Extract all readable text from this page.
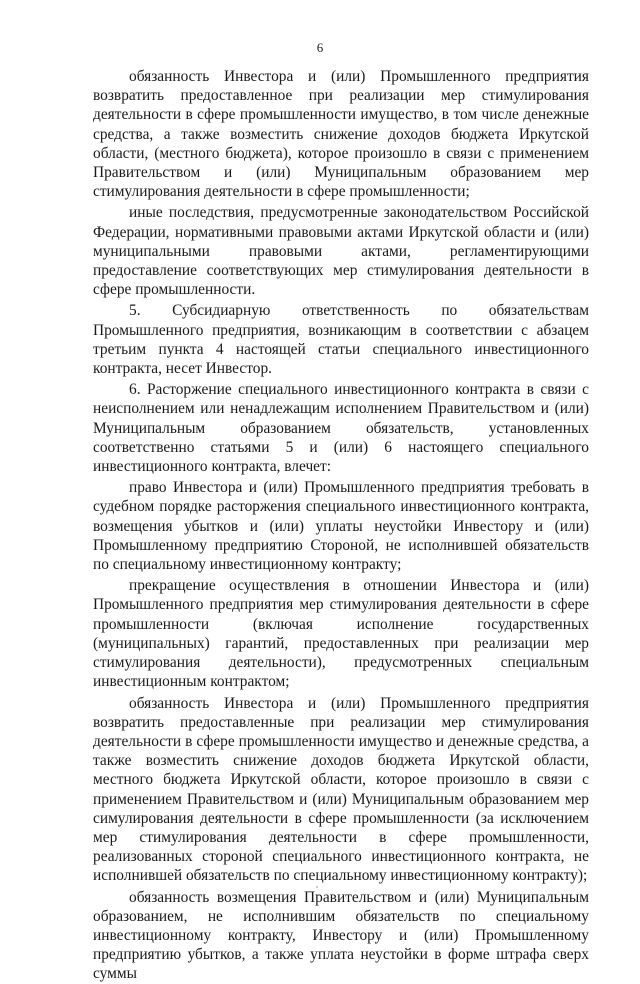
6

обязанность Инвестора и (или) Промышленного предприятия возвратить предоставленное при реализации мер стимулирования деятельности в сфере промышленности имущество, в том числе денежные средства, а также возместить снижение доходов бюджета Иркутской области, (местного бюджета), которое произошло в связи с применением Правительством и (или) Муниципальным образованием мер стимулирования деятельности в сфере промышленности;

иные последствия, предусмотренные законодательством Российской Федерации, нормативными правовыми актами Иркутской области и (или) муниципальными правовыми актами, регламентирующими предоставление соответствующих мер стимулирования деятельности в сфере промышленности.

5. Субсидиарную ответственность по обязательствам Промышленного предприятия, возникающим в соответствии с абзацем третьим пункта 4 настоящей статьи специального инвестиционного контракта, несет Инвестор.

6. Расторжение специального инвестиционного контракта в связи с неисполнением или ненадлежащим исполнением Правительством и (или) Муниципальным образованием обязательств, установленных соответственно статьями 5 и (или) 6 настоящего специального инвестиционного контракта, влечет:

право Инвестора и (или) Промышленного предприятия требовать в судебном порядке расторжения специального инвестиционного контракта, возмещения убытков и (или) уплаты неустойки Инвестору и (или) Промышленному предприятию Стороной, не исполнившей обязательств по специальному инвестиционному контракту;

прекращение осуществления в отношении Инвестора и (или) Промышленного предприятия мер стимулирования деятельности в сфере промышленности (включая исполнение государственных (муниципальных) гарантий, предоставленных при реализации мер стимулирования деятельности), предусмотренных специальным инвестиционным контрактом;

обязанность Инвестора и (или) Промышленного предприятия возвратить предоставленные при реализации мер стимулирования деятельности в сфере промышленности имущество и денежные средства, а также возместить снижение доходов бюджета Иркутской области, местного бюджета Иркутской области, которое произошло в связи с применением Правительством и (или) Муниципальным образованием мер симулирования деятельности в сфере промышленности (за исключением мер стимулирования деятельности в сфере промышленности, реализованных стороной специального инвестиционного контракта, не исполнившей обязательств по специальному инвестиционному контракту);

обязанность возмещения Правительством и (или) Муниципальным образованием, не исполнившим обязательств по специальному инвестиционному контракту, Инвестору и (или) Промышленному предприятию убытков, а также уплата неустойки в форме штрафа сверх суммы
